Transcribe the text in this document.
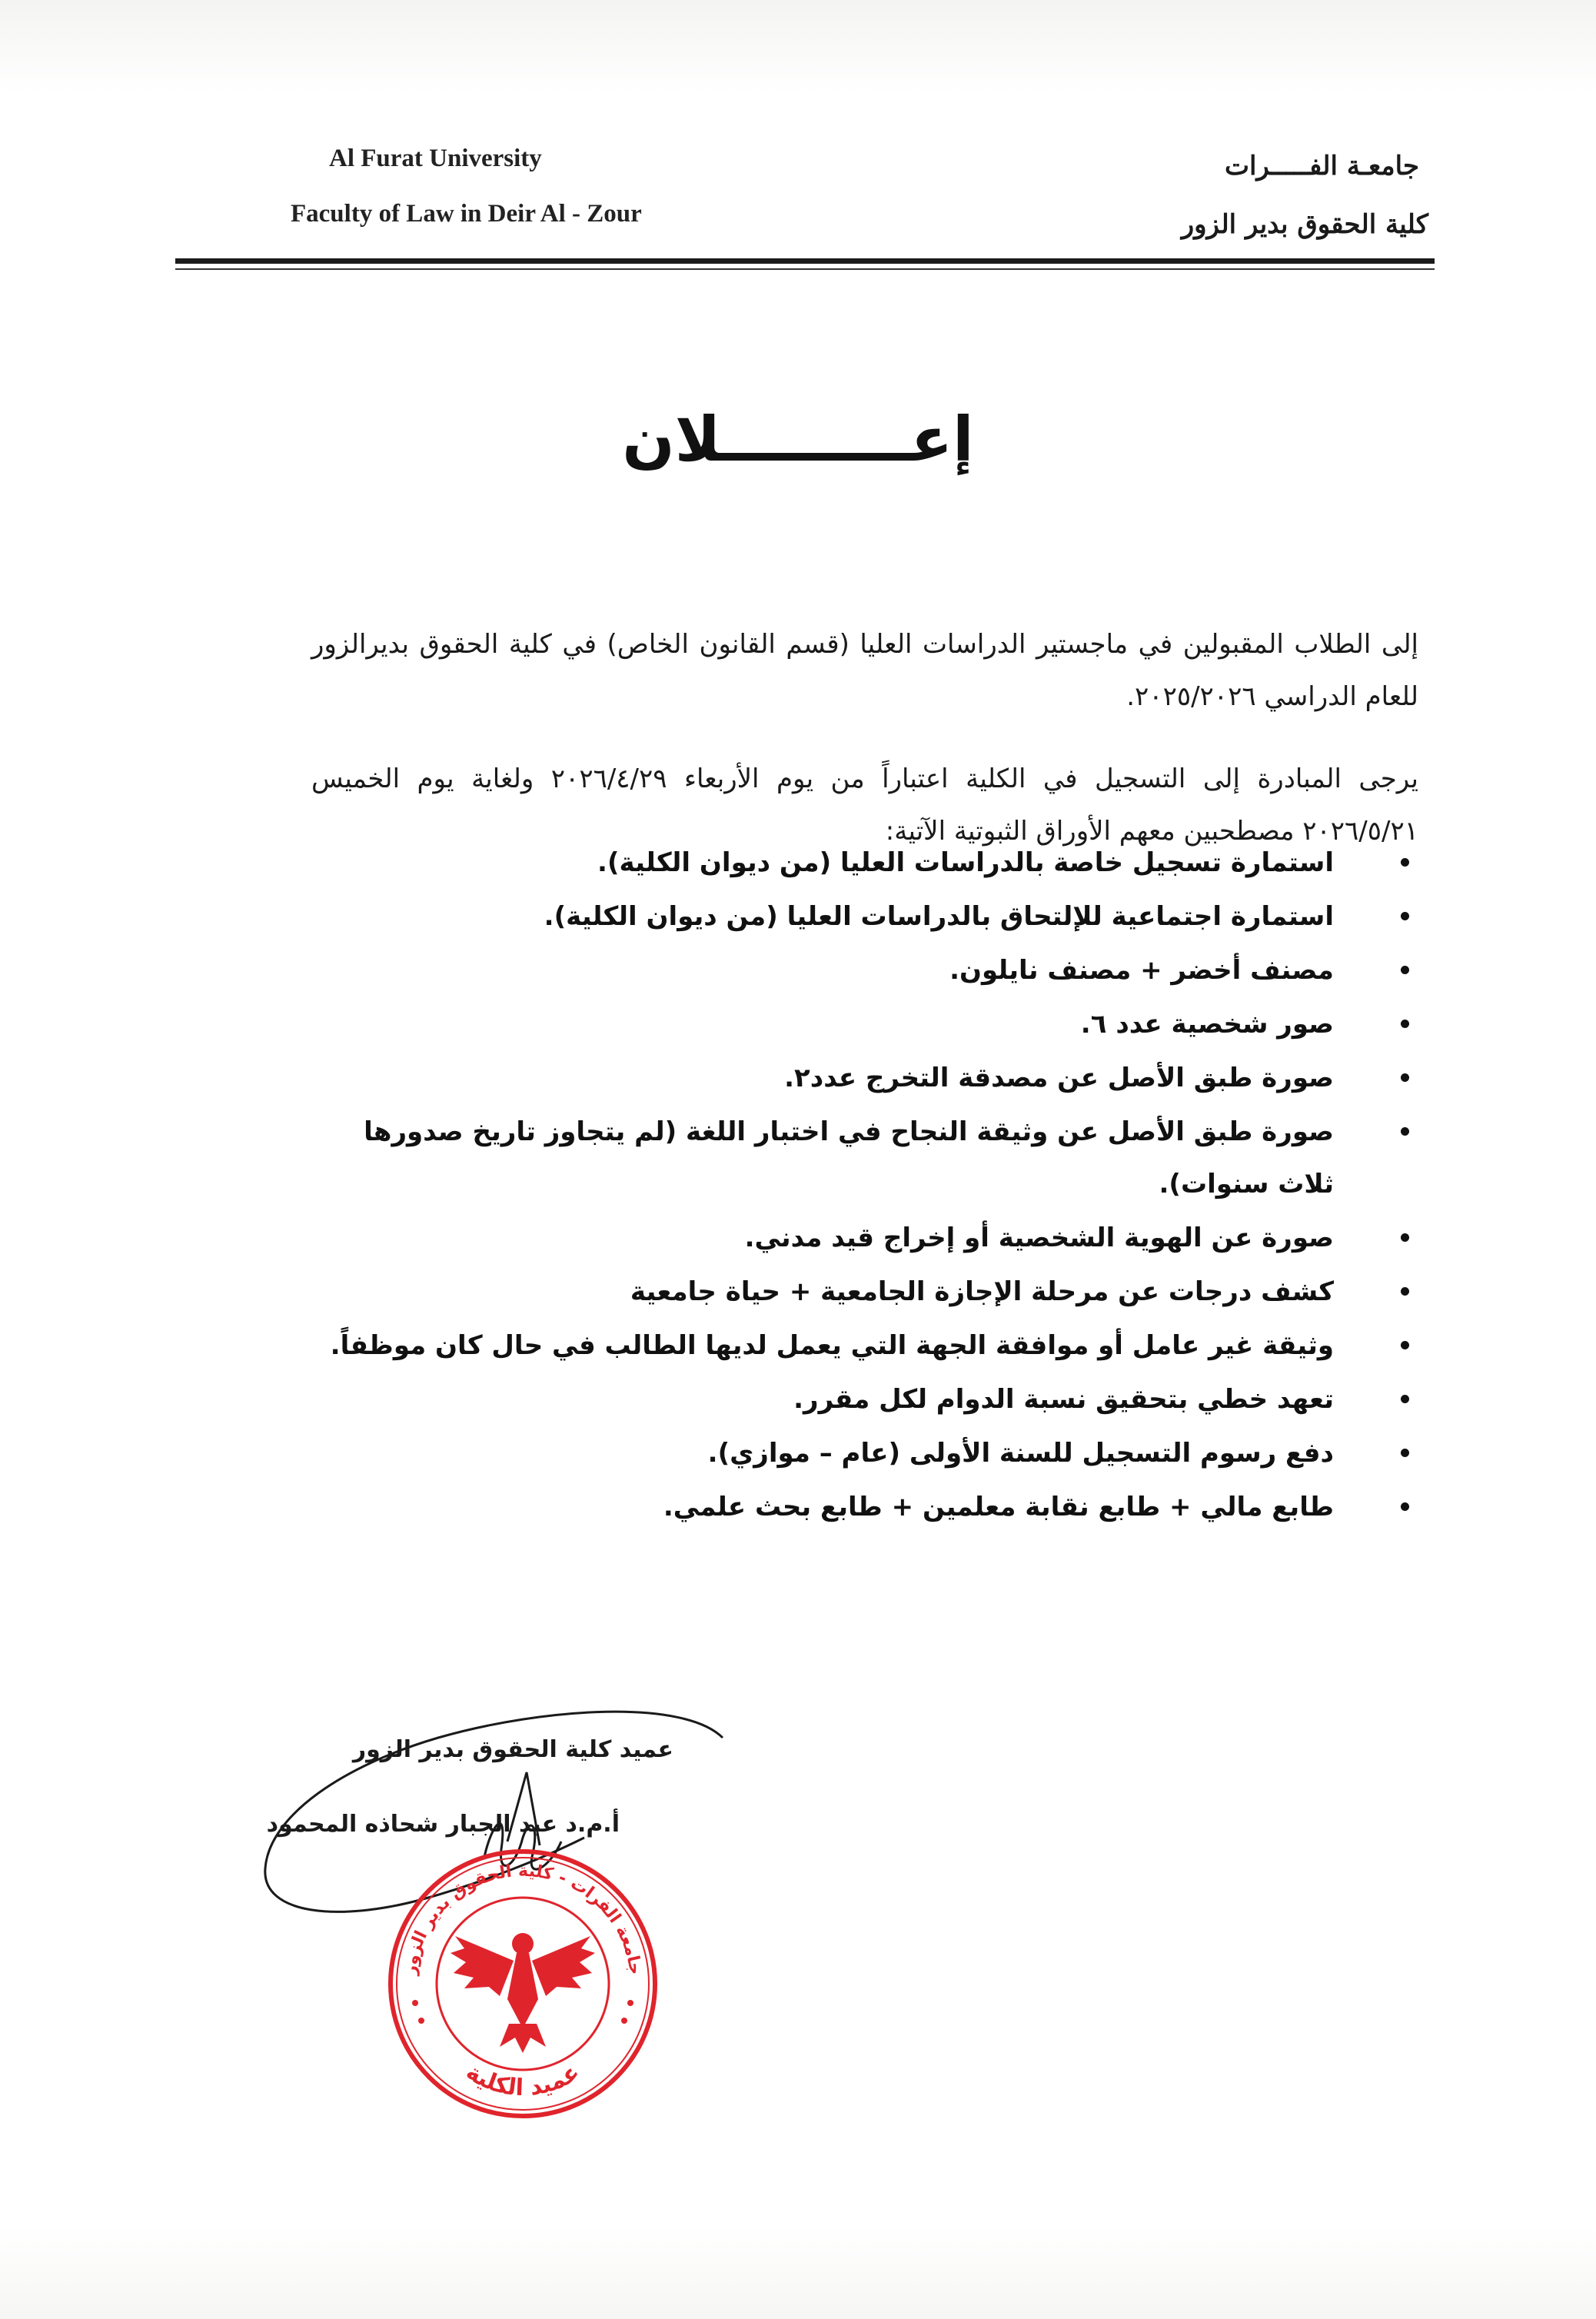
Al Furat University
Faculty of Law in Deir Al - Zour
جامعـة الفـــــرات
كلية الحقوق بدير الزور
إعـــــــــلان

إلى الطلاب المقبولين في ماجستير الدراسات العليا (قسم القانون الخاص) في كلية الحقوق بديرالزور للعام الدراسي ٢٠٢٥/٢٠٢٦.

يرجى المبادرة إلى التسجيل في الكلية اعتباراً من يوم الأربعاء ٢٠٢٦/٤/٢٩ ولغاية يوم الخميس ٢٠٢٦/٥/٢١ مصطحبين معهم الأوراق الثبوتية الآتية:

استمارة تسجيل خاصة بالدراسات العليا (من ديوان الكلية).
استمارة اجتماعية للإلتحاق بالدراسات العليا (من ديوان الكلية).
مصنف أخضر + مصنف نايلون.
صور شخصية عدد ٦.
صورة طبق الأصل عن مصدقة التخرج عدد٢.
صورة طبق الأصل عن وثيقة النجاح في اختبار اللغة (لم يتجاوز تاريخ صدورها ثلاث سنوات).
صورة عن الهوية الشخصية أو إخراج قيد مدني.
كشف درجات عن مرحلة الإجازة الجامعية + حياة جامعية
وثيقة غير عامل أو موافقة الجهة التي يعمل لديها الطالب في حال كان موظفاً.
تعهد خطي بتحقيق نسبة الدوام لكل مقرر.
دفع رسوم التسجيل للسنة الأولى (عام – موازي).
طابع مالي + طابع نقابة معلمين + طابع بحث علمي.
عميد كلية الحقوق بدير الزور
أ.م.د عبد الجبار شحاذه المحمود
جامعة الفرات - كلية الحقوق بدير الزور
عميد الكلية
